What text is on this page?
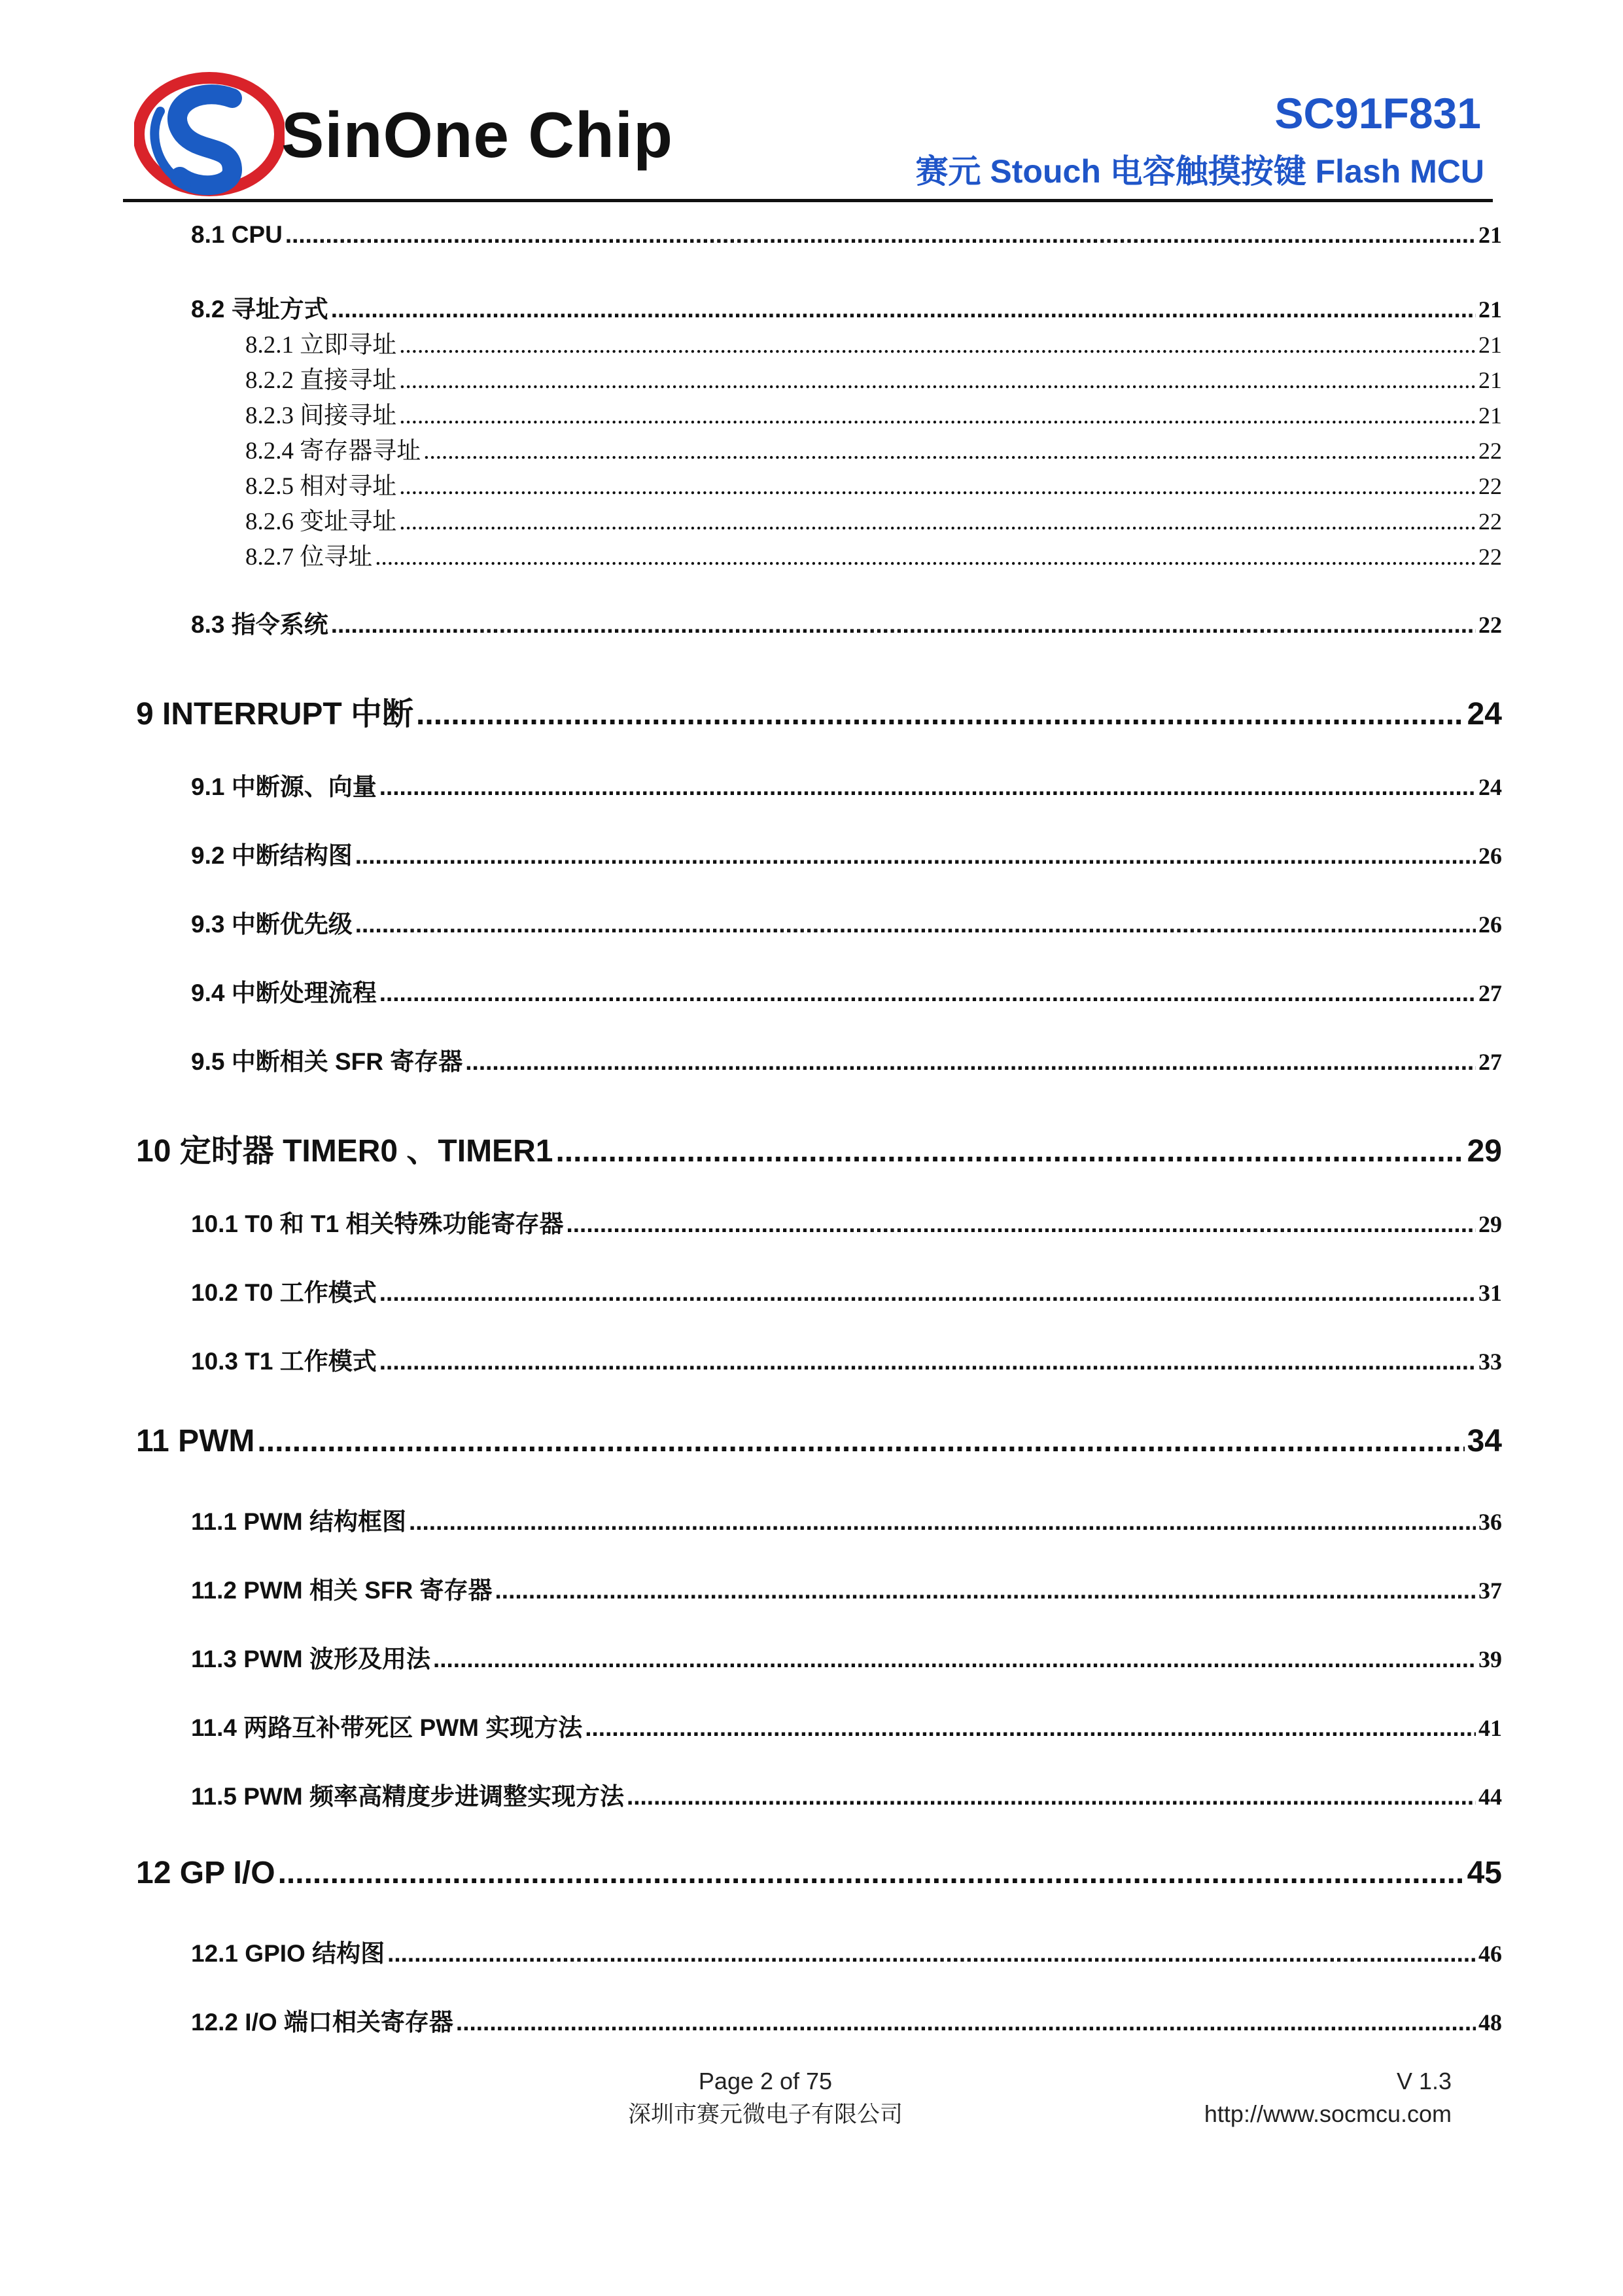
SinOne Chip	SC91F831
赛元 Stouch 电容触摸按键 Flash MCU
8.1 CPU .....	21
8.2 寻址方式 .....	21
8.2.1 立即寻址 .....	21
8.2.2 直接寻址 .....	21
8.2.3 间接寻址 .....	21
8.2.4 寄存器寻址 .....	22
8.2.5 相对寻址 .....	22
8.2.6 变址寻址 .....	22
8.2.7 位寻址 .....	22
8.3 指令系统 .....	22
9 INTERRUPT 中断 .....	24
9.1 中断源、向量 .....	24
9.2 中断结构图 .....	26
9.3 中断优先级 .....	26
9.4 中断处理流程 .....	27
9.5 中断相关 SFR 寄存器 .....	27
10 定时器 TIMER0 、TIMER1 .....	29
10.1 T0 和 T1 相关特殊功能寄存器 .....	29
10.2 T0 工作模式 .....	31
10.3 T1 工作模式 .....	33
11 PWM .....	34
11.1 PWM 结构框图 .....	36
11.2 PWM 相关 SFR 寄存器 .....	37
11.3 PWM 波形及用法 .....	39
11.4 两路互补带死区 PWM 实现方法 .....	41
11.5 PWM 频率高精度步进调整实现方法 .....	44
12 GP I/O .....	45
12.1 GPIO 结构图 .....	46
12.2 I/O 端口相关寄存器 .....	48
Page 2 of 75
深圳市赛元微电子有限公司
V 1.3
http://www.socmcu.com
